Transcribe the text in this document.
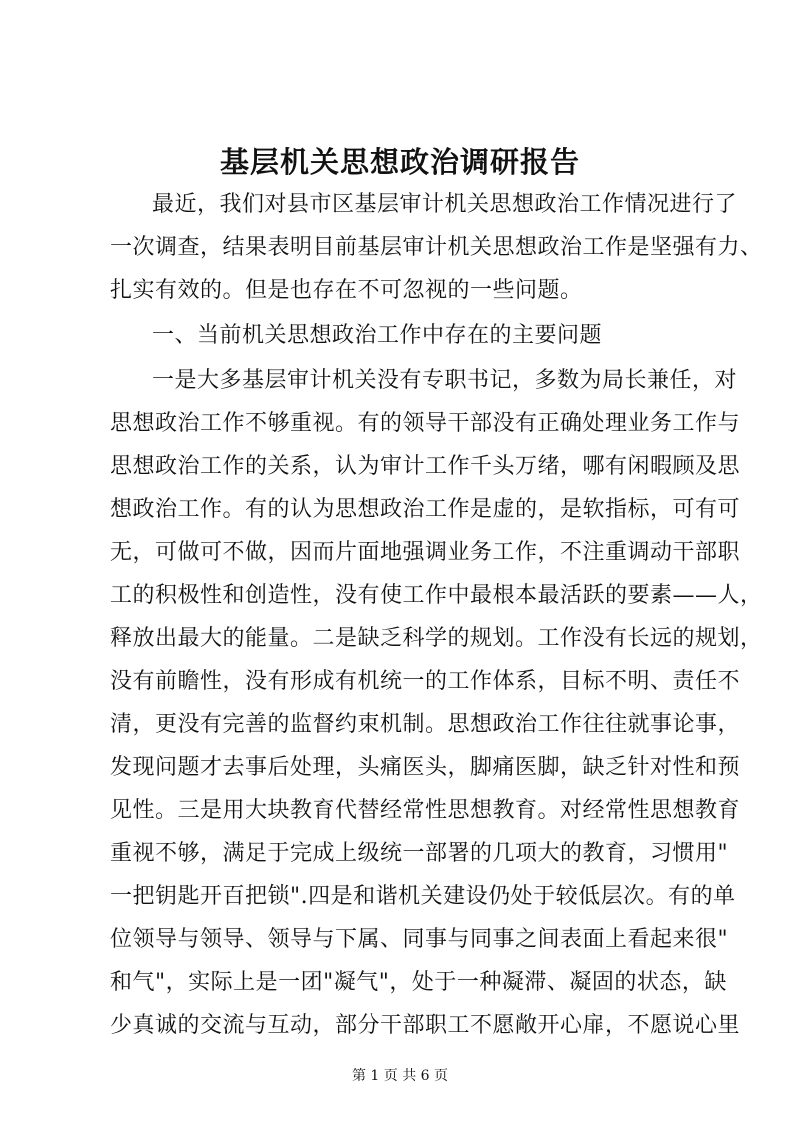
基层机关思想政治调研报告
最近，我们对县市区基层审计机关思想政治工作情况进行了
一次调查，结果表明目前基层审计机关思想政治工作是坚强有力、
扎实有效的。但是也存在不可忽视的一些问题。
一、当前机关思想政治工作中存在的主要问题
一是大多基层审计机关没有专职书记，多数为局长兼任，对
思想政治工作不够重视。有的领导干部没有正确处理业务工作与
思想政治工作的关系，认为审计工作千头万绪，哪有闲暇顾及思
想政治工作。有的认为思想政治工作是虚的，是软指标，可有可
无，可做可不做，因而片面地强调业务工作，不注重调动干部职
工的积极性和创造性，没有使工作中最根本最活跃的要素——人，
释放出最大的能量。二是缺乏科学的规划。工作没有长远的规划，
没有前瞻性，没有形成有机统一的工作体系，目标不明、责任不
清，更没有完善的监督约束机制。思想政治工作往往就事论事，
发现问题才去事后处理，头痛医头，脚痛医脚，缺乏针对性和预
见性。三是用大块教育代替经常性思想教育。对经常性思想教育
重视不够，满足于完成上级统一部署的几项大的教育，习惯用"
一把钥匙开百把锁".四是和谐机关建设仍处于较低层次。有的单
位领导与领导、领导与下属、同事与同事之间表面上看起来很"
和气"，实际上是一团"凝气"，处于一种凝滞、凝固的状态，缺
少真诚的交流与互动，部分干部职工不愿敞开心扉，不愿说心里
第 1 页 共 6 页
